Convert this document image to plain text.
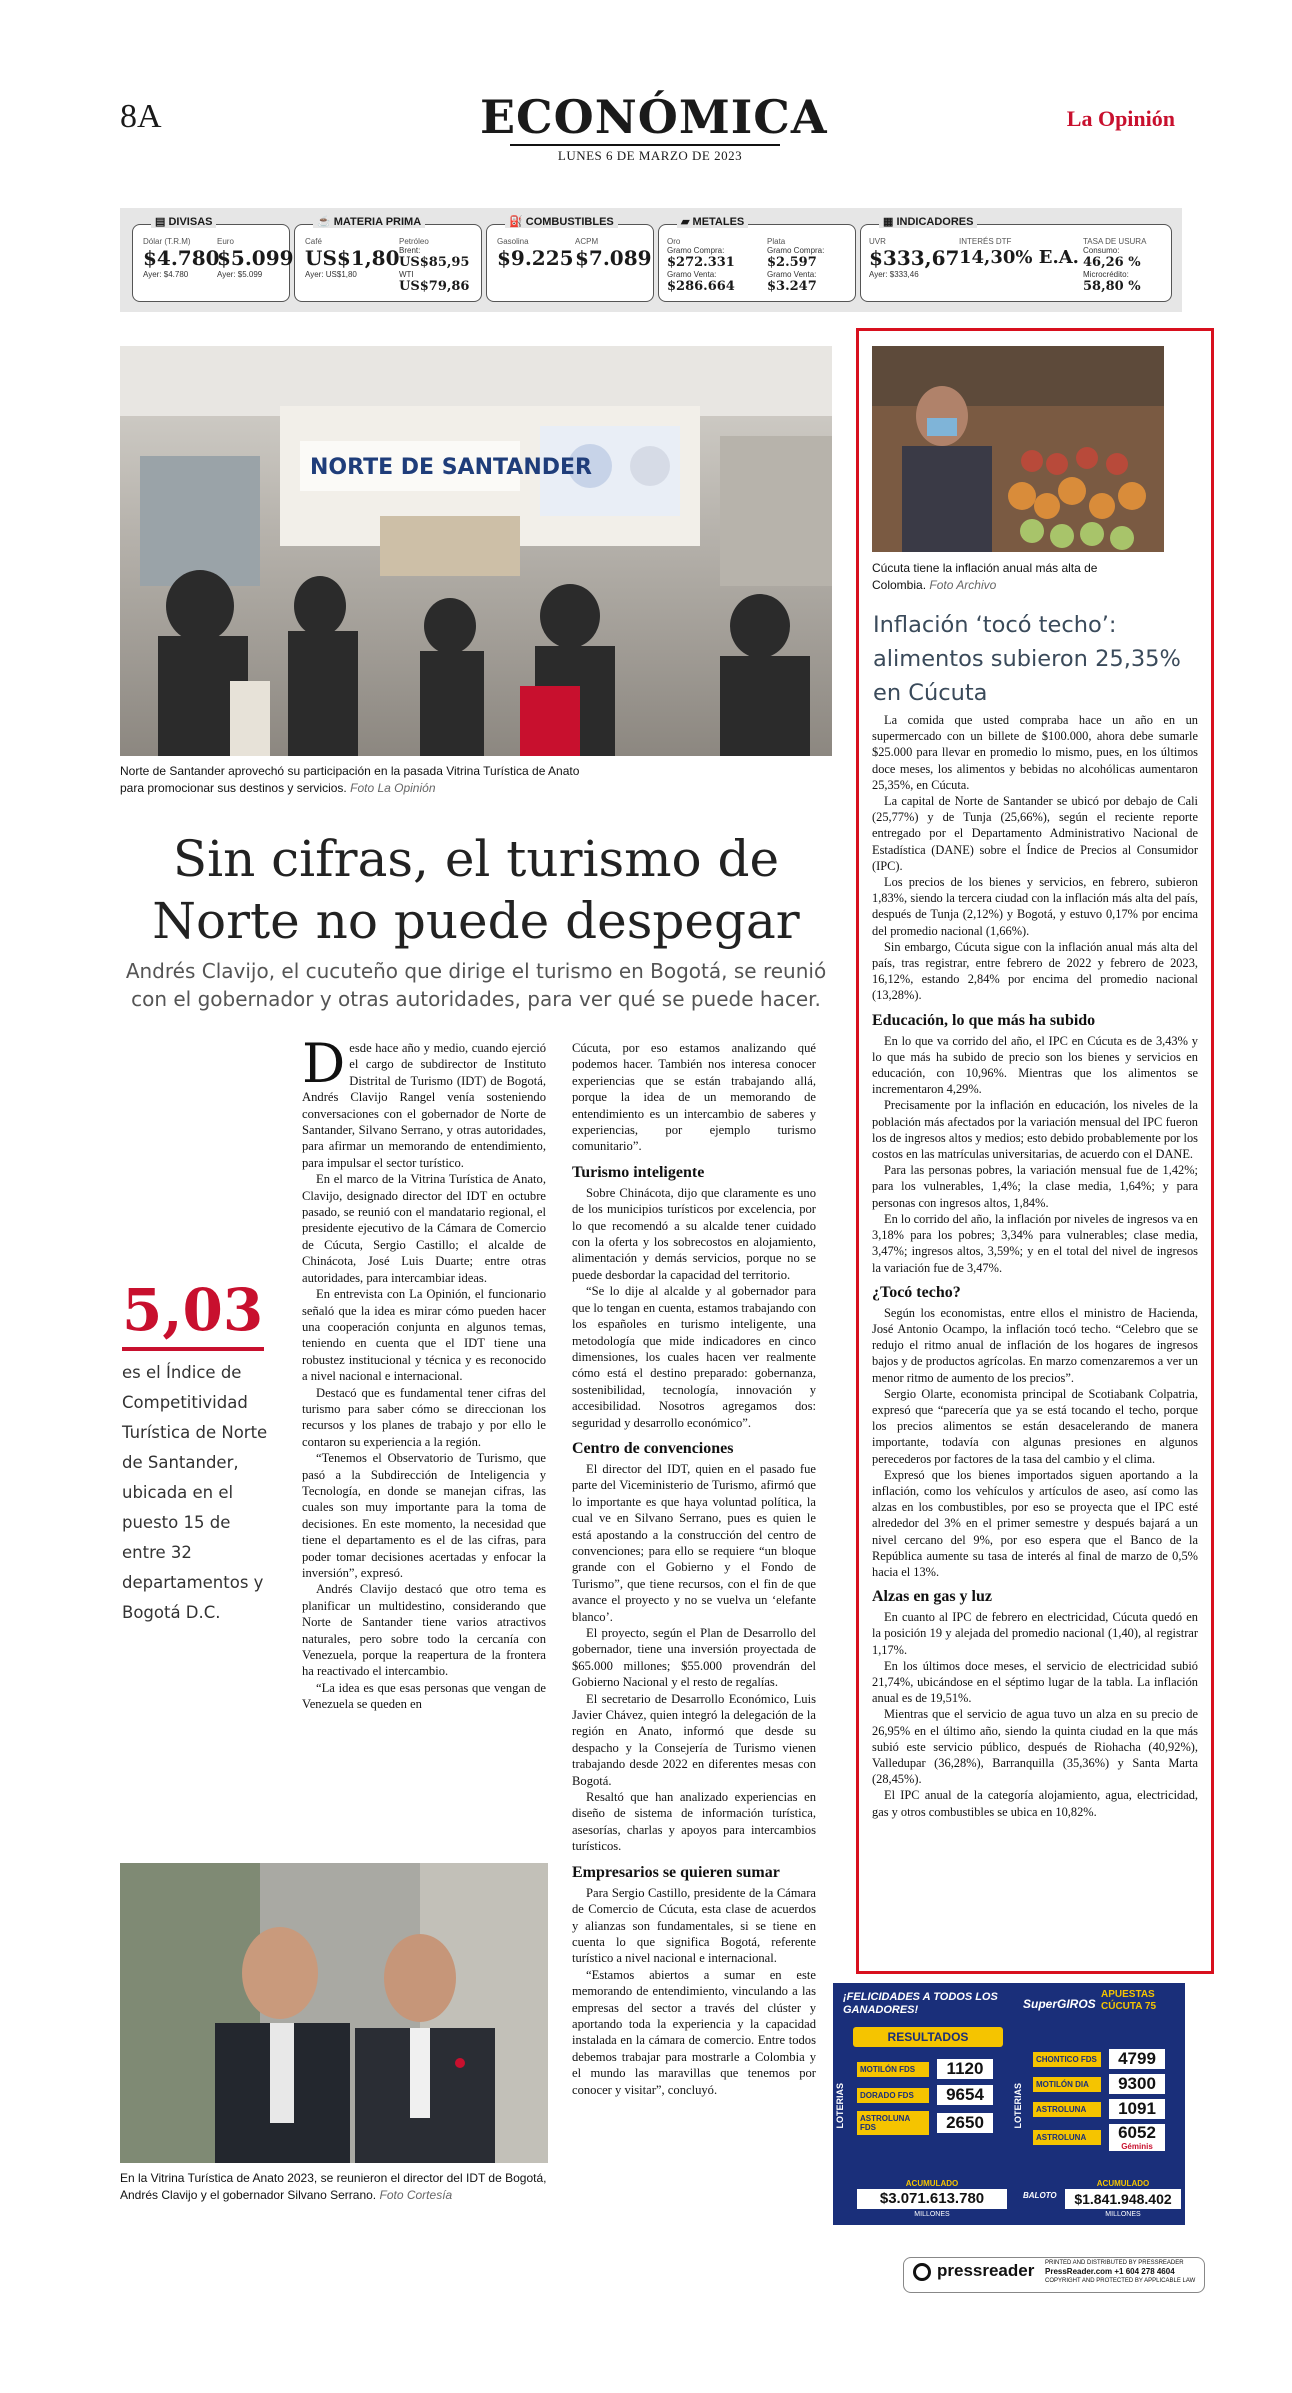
8A	ECONÓMICA
LUNES 6 DE MARZO DE 2023
La Opinión
▤ DIVISAS
Dólar (T.R.M)
$4.780
Ayer: $4.780
Euro
$5.099
Ayer: $5.099
☕ MATERIA PRIMA
Café
US$1,80
Ayer: US$1,80
Petróleo
Brent:
US$85,95
WTI
US$79,86
⛽ COMBUSTIBLES
Gasolina
$9.225
ACPM
$7.089
▰ METALES
Oro
Gramo Compra:
$272.331
Gramo Venta:
$286.664
Plata
Gramo Compra:
$2.597
Gramo Venta:
$3.247
▦ INDICADORES
UVR
$333,67
Ayer: $333,46
INTERÉS DTF
14,30% E.A.
TASA DE USURA
Consumo:
46,26 %
Microcrédito:
58,80 %
NORTE DE SANTANDER
Norte de Santander aprovechó su participación en la pasada Vitrina Turística de Anato para promocionar sus destinos y servicios. Foto La Opinión
Sin cifras, el turismo de
Norte no puede despegar
Andrés Clavijo, el cucuteño que dirige el turismo en Bogotá, se reunió con el gobernador y otras autoridades, para ver qué se puede hacer.
5,03
es el Índice de Competitividad Turística de Norte de Santander, ubicada en el puesto 15 de entre 32 departamentos y Bogotá D.C.

Desde hace año y medio, cuando ejerció el cargo de subdirector de Instituto Distrital de Turismo (IDT) de Bogotá, Andrés Clavijo Rangel venía sosteniendo conversaciones con el gobernador de Norte de Santander, Silvano Serrano, y otras autoridades, para afirmar un memorando de entendimiento, para impulsar el sector turístico.

En el marco de la Vitrina Turística de Anato, Clavijo, designado director del IDT en octubre pasado, se reunió con el mandatario regional, el presidente ejecutivo de la Cámara de Comercio de Cúcuta, Sergio Castillo; el alcalde de Chinácota, José Luis Duarte; entre otras autoridades, para intercambiar ideas.

En entrevista con La Opinión, el funcionario señaló que la idea es mirar cómo pueden hacer una cooperación conjunta en algunos temas, teniendo en cuenta que el IDT tiene una robustez institucional y técnica y es reconocido a nivel nacional e internacional.

Destacó que es fundamental tener cifras del turismo para saber cómo se direccionan los recursos y los planes de trabajo y por ello le contaron su experiencia a la región.

“Tenemos el Observatorio de Turismo, que pasó a la Subdirección de Inteligencia y Tecnología, en donde se manejan cifras, las cuales son muy importante para la toma de decisiones. En este momento, la necesidad que tiene el departamento es el de las cifras, para poder tomar decisiones acertadas y enfocar la inversión”, expresó.

Andrés Clavijo destacó que otro tema es planificar un multidestino, considerando que Norte de Santander tiene varios atractivos naturales, pero sobre todo la cercanía con Venezuela, porque la reapertura de la frontera ha reactivado el intercambio.

“La idea es que esas personas que vengan de Venezuela se queden en

Cúcuta, por eso estamos analizando qué podemos hacer. También nos interesa conocer experiencias que se están trabajando allá, porque la idea de un memorando de entendimiento es un intercambio de saberes y experiencias, por ejemplo turismo comunitario”.

Turismo inteligente

Sobre Chinácota, dijo que claramente es uno de los municipios turísticos por excelencia, por lo que recomendó a su alcalde tener cuidado con la oferta y los sobrecostos en alojamiento, alimentación y demás servicios, porque no se puede desbordar la capacidad del territorio.

“Se lo dije al alcalde y al gobernador para que lo tengan en cuenta, estamos trabajando con los españoles en turismo inteligente, una metodología que mide indicadores en cinco dimensiones, los cuales hacen ver realmente cómo está el destino preparado: gobernanza, sostenibilidad, tecnología, innovación y accesibilidad. Nosotros agregamos dos: seguridad y desarrollo económico”.

Centro de convenciones

El director del IDT, quien en el pasado fue parte del Viceministerio de Turismo, afirmó que lo importante es que haya voluntad política, la cual ve en Silvano Serrano, pues es quien le está apostando a la construcción del centro de convenciones; para ello se requiere “un bloque grande con el Gobierno y el Fondo de Turismo”, que tiene recursos, con el fin de que avance el proyecto y no se vuelva un ‘elefante blanco’.

El proyecto, según el Plan de Desarrollo del gobernador, tiene una inversión proyectada de $65.000 millones; $55.000 provendrán del Gobierno Nacional y el resto de regalías.

El secretario de Desarrollo Económico, Luis Javier Chávez, quien integró la delegación de la región en Anato, informó que desde su despacho y la Consejería de Turismo vienen trabajando desde 2022 en diferentes mesas con Bogotá.

Resaltó que han analizado experiencias en diseño de sistema de información turística, asesorías, charlas y apoyos para intercambios turísticos.

Empresarios se quieren sumar

Para Sergio Castillo, presidente de la Cámara de Comercio de Cúcuta, esta clase de acuerdos y alianzas son fundamentales, si se tiene en cuenta lo que significa Bogotá, referente turístico a nivel nacional e internacional.

“Estamos abiertos a sumar en este memorando de entendimiento, vinculando a las empresas del sector a través del clúster y aportando toda la experiencia y la capacidad instalada en la cámara de comercio. Entre todos debemos trabajar para mostrarle a Colombia y el mundo las maravillas que tenemos por conocer y visitar”, concluyó.

En la Vitrina Turística de Anato 2023, se reunieron el director del IDT de Bogotá, Andrés Clavijo y el gobernador Silvano Serrano. Foto Cortesía
Cúcuta tiene la inflación anual más alta de Colombia. Foto Archivo
Inflación ‘tocó techo’: alimentos subieron 25,35% en Cúcuta

La comida que usted compraba hace un año en un supermercado con un billete de $100.000, ahora debe sumarle $25.000 para llevar en promedio lo mismo, pues, en los últimos doce meses, los alimentos y bebidas no alcohólicas aumentaron 25,35%, en Cúcuta.

La capital de Norte de Santander se ubicó por debajo de Cali (25,77%) y de Tunja (25,66%), según el reciente reporte entregado por el Departamento Administrativo Nacional de Estadística (DANE) sobre el Índice de Precios al Consumidor (IPC).

Los precios de los bienes y servicios, en febrero, subieron 1,83%, siendo la tercera ciudad con la inflación más alta del país, después de Tunja (2,12%) y Bogotá, y estuvo 0,17% por encima del promedio nacional (1,66%).

Sin embargo, Cúcuta sigue con la inflación anual más alta del país, tras registrar, entre febrero de 2022 y febrero de 2023, 16,12%, estando 2,84% por encima del promedio nacional (13,28%).

Educación, lo que más ha subido

En lo que va corrido del año, el IPC en Cúcuta es de 3,43% y lo que más ha subido de precio son los bienes y servicios en educación, con 10,96%. Mientras que los alimentos se incrementaron 4,29%.

Precisamente por la inflación en educación, los niveles de la población más afectados por la variación mensual del IPC fueron los de ingresos altos y medios; esto debido probablemente por los costos en las matrículas universitarias, de acuerdo con el DANE.

Para las personas pobres, la variación mensual fue de 1,42%; para los vulnerables, 1,4%; la clase media, 1,64%; y para personas con ingresos altos, 1,84%.

En lo corrido del año, la inflación por niveles de ingresos va en 3,18% para los pobres; 3,34% para vulnerables; clase media, 3,47%; ingresos altos, 3,59%; y en el total del nivel de ingresos la variación fue de 3,47%.

¿Tocó techo?

Según los economistas, entre ellos el ministro de Hacienda, José Antonio Ocampo, la inflación tocó techo. “Celebro que se redujo el ritmo anual de inflación de los hogares de ingresos bajos y de productos agrícolas. En marzo comenzaremos a ver un menor ritmo de aumento de los precios”.

Sergio Olarte, economista principal de Scotiabank Colpatria, expresó que “parecería que ya se está tocando el techo, porque los precios alimentos se están desacelerando de manera importante, todavía con algunas presiones en algunos perecederos por factores de la tasa del cambio y el clima.

Expresó que los bienes importados siguen aportando a la inflación, como los vehículos y artículos de aseo, así como las alzas en los combustibles, por eso se proyecta que el IPC esté alrededor del 3% en el primer semestre y después bajará a un nivel cercano del 9%, por eso espera que el Banco de la República aumente su tasa de interés al final de marzo de 0,5% hacia el 13%.

Alzas en gas y luz

En cuanto al IPC de febrero en electricidad, Cúcuta quedó en la posición 19 y alejada del promedio nacional (1,40), al registrar 1,17%.

En los últimos doce meses, el servicio de electricidad subió 21,74%, ubicándose en el séptimo lugar de la tabla. La inflación anual es de 19,51%.

Mientras que el servicio de agua tuvo un alza en su precio de 26,95% en el último año, siendo la quinta ciudad en la que más subió este servicio público, después de Riohacha (40,92%), Valledupar (36,28%), Barranquilla (35,36%) y Santa Marta (28,45%).

El IPC anual de la categoría alojamiento, agua, electricidad, gas y otros combustibles se ubica en 10,82%.

¡FELICIDADES A TODOS LOS GANADORES!	SuperGIROS
APUESTAS CÚCUTA 75
RESULTADOS
LOTERIAS	LOTERIAS
MOTILÓN FDS	1120
DORADO FDS	9654
ASTROLUNA FDS	2650
CHONTICO FDS	4799
MOTILÓN DIA	9300
ASTROLUNA	1091
ASTROLUNA	6052
Géminis
ACUMULADO
$3.071.613.780
MILLONES
BALOTO
ACUMULADO
$1.841.948.402
MILLONES
pressreader PRINTED AND DISTRIBUTED BY PRESSREADER
PressReader.com +1 604 278 4604
COPYRIGHT AND PROTECTED BY APPLICABLE LAW
